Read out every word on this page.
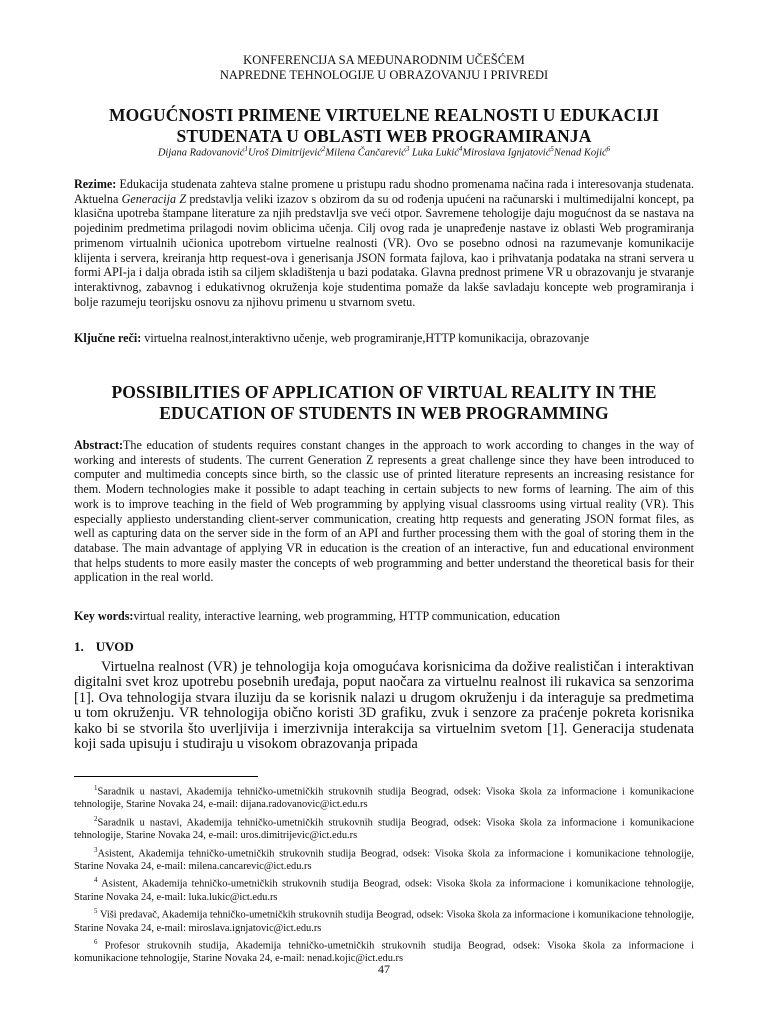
KONFERENCIJA SA MEĐUNARODNIM UČEŠĆEM
NAPREDNE TEHNOLOGIJE U OBRAZOVANJU I PRIVREDI
MOGUĆNOSTI PRIMENE VIRTUELNE REALNOSTI U EDUKACIJI STUDENATA U OBLASTI WEB PROGRAMIRANJA
Dijana Radovanović$^1$Uroš Dimitrijević$^2$Milena Čančarević$^3$ Luka Lukić$^4$Miroslava Ignjatović$^5$Nenad Kojić$^6$

Rezime: Edukacija studenata zahteva stalne promene u pristupu radu shodno promenama načina rada i interesovanja studenata. Aktuelna Generacija Z predstavlja veliki izazov s obzirom da su od rođenja upućeni na računarski i multimedijalni koncept, pa klasična upotreba štampane literature za njih predstavlja sve veći otpor. Savremene tehologije daju mogućnost da se nastava na pojedinim predmetima prilagodi novim oblicima učenja. Cilj ovog rada je unapređenje nastave iz oblasti Web programiranja primenom virtualnih učionica upotrebom virtuelne realnosti (VR). Ovo se posebno odnosi na razumevanje komunikacije klijenta i servera, kreiranja http request-ova i generisanja JSON formata fajlova, kao i prihvatanja podataka na strani servera u formi API-ja i dalja obrada istih sa ciljem skladištenja u bazi podataka. Glavna prednost primene VR u obrazovanju je stvaranje interaktivnog, zabavnog i edukativnog okruženja koje studentima pomaže da lakše savladaju koncepte web programiranja i bolje razumeju teorijsku osnovu za njihovu primenu u stvarnom svetu.

Ključne reči: virtuelna realnost,interaktivno učenje, web programiranje,HTTP komunikacija, obrazovanje

POSSIBILITIES OF APPLICATION OF VIRTUAL REALITY IN THE EDUCATION OF STUDENTS IN WEB PROGRAMMING

Abstract:The education of students requires constant changes in the approach to work according to changes in the way of working and interests of students. The current Generation Z represents a great challenge since they have been introduced to computer and multimedia concepts since birth, so the classic use of printed literature represents an increasing resistance for them. Modern technologies make it possible to adapt teaching in certain subjects to new forms of learning. The aim of this work is to improve teaching in the field of Web programming by applying visual classrooms using virtual reality (VR). This especially appliesto understanding client-server communication, creating http requests and generating JSON format files, as well as capturing data on the server side in the form of an API and further processing them with the goal of storing them in the database. The main advantage of applying VR in education is the creation of an interactive, fun and educational environment that helps students to more easily master the concepts of web programming and better understand the theoretical basis for their application in the real world.

Key words:virtual reality, interactive learning, web programming, HTTP communication, education

1. UVOD

Virtuelna realnost (VR) je tehnologija koja omogućava korisnicima da dožive realističan i interaktivan digitalni svet kroz upotrebu posebnih uređaja, poput naočara za virtuelnu realnost ili rukavica sa senzorima [1]. Ova tehnologija stvara iluziju da se korisnik nalazi u drugom okruženju i da interaguje sa predmetima u tom okruženju. VR tehnologija obično koristi 3D grafiku, zvuk i senzore za praćenje pokreta korisnika kako bi se stvorila što uverljivija i imerzivnija interakcija sa virtuelnim svetom [1]. Generacija studenata koji sada upisuju i studiraju u visokom obrazovanja pripada

$^1$Saradnik u nastavi, Akademija tehničko-umetničkih strukovnih studija Beograd, odsek: Visoka škola za informacione i komunikacione tehnologije, Starine Novaka 24, e-mail: dijana.radovanovic@ict.edu.rs

$^2$Saradnik u nastavi, Akademija tehničko-umetničkih strukovnih studija Beograd, odsek: Visoka škola za informacione i komunikacione tehnologije, Starine Novaka 24, e-mail: uros.dimitrijevic@ict.edu.rs

$^3$Asistent, Akademija tehničko-umetničkih strukovnih studija Beograd, odsek: Visoka škola za informacione i komunikacione tehnologije, Starine Novaka 24, e-mail: milena.cancarevic@ict.edu.rs

$^4$ Asistent, Akademija tehničko-umetničkih strukovnih studija Beograd, odsek: Visoka škola za informacione i komunikacione tehnologije, Starine Novaka 24, e-mail: luka.lukic@ict.edu.rs

$^5$ Viši predavač, Akademija tehničko-umetničkih strukovnih studija Beograd, odsek: Visoka škola za informacione i komunikacione tehnologije, Starine Novaka 24, e-mail: miroslava.ignjatovic@ict.edu.rs

$^6$ Profesor strukovnih studija, Akademija tehničko-umetničkih strukovnih studija Beograd, odsek: Visoka škola za informacione i komunikacione tehnologije, Starine Novaka 24, e-mail: nenad.kojic@ict.edu.rs

47
